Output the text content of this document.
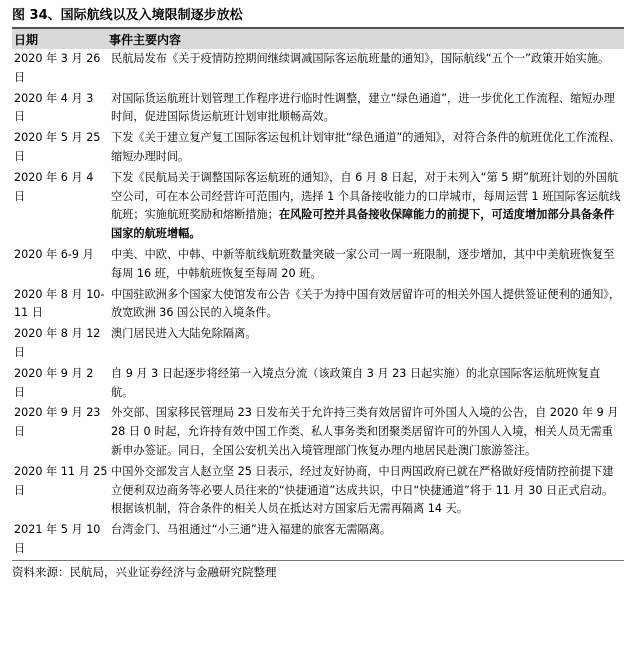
图 34、国际航线以及入境限制逐步放松
日期	事件主要内容
2020 年 3 月 26 日	民航局发布《关于疫情防控期间继续调减国际客运航班量的通知》，国际航线“五个一”政策开始实施。
2020 年 4 月 3 日	对国际货运航班计划管理工作程序进行临时性调整，建立“绿色通道”，进一步优化工作流程、缩短办理时间，促进国际货运航班计划审批顺畅高效。
2020 年 5 月 25 日	下发《关于建立复产复工国际客运包机计划审批“绿色通道”的通知》，对符合条件的航班优化工作流程、缩短办理时间。
2020 年 6 月 4 日	下发《民航局关于调整国际客运航班的通知》，自 6 月 8 日起，对于未列入“第 5 期”航班计划的外国航空公司，可在本公司经营许可范围内，选择 1 个具备接收能力的口岸城市，每周运营 1 班国际客运航线航班；实施航班奖励和熔断措施；在风险可控并具备接收保障能力的前提下，可适度增加部分具备条件国家的航班增幅。
2020 年 6-9 月	中美、中欧、中韩、中新等航线航班数量突破一家公司一周一班限制，逐步增加，其中中美航班恢复至每周 16 班，中韩航班恢复至每周 20 班。
2020 年 8 月 10-11 日	中国驻欧洲多个国家大使馆发布公告《关于为持中国有效居留许可的相关外国人提供签证便利的通知》，放宽欧洲 36 国公民的入境条件。
2020 年 8 月 12 日	澳门居民进入大陆免除隔离。
2020 年 9 月 2 日	自 9 月 3 日起逐步将经第一入境点分流（该政策自 3 月 23 日起实施）的北京国际客运航班恢复直航。
2020 年 9 月 23 日	外交部、国家移民管理局 23 日发布关于允许持三类有效居留许可外国人入境的公告，自 2020 年 9 月 28 日 0 时起，允许持有效中国工作类、私人事务类和团聚类居留许可的外国人入境，相关人员无需重新申办签证。同日，全国公安机关出入境管理部门恢复办理内地居民赴澳门旅游签注。
2020 年 11 月 25 日	中国外交部发言人赵立坚 25 日表示，经过友好协商，中日两国政府已就在严格做好疫情防控前提下建立便利双边商务等必要人员往来的“快捷通道”达成共识，中日“快捷通道”将于 11 月 30 日正式启动。根据该机制，符合条件的相关人员在抵达对方国家后无需再隔离 14 天。
2021 年 5 月 10 日	台湾金门、马祖通过“小三通”进入福建的旅客无需隔离。
资料来源：民航局，兴业证券经济与金融研究院整理
